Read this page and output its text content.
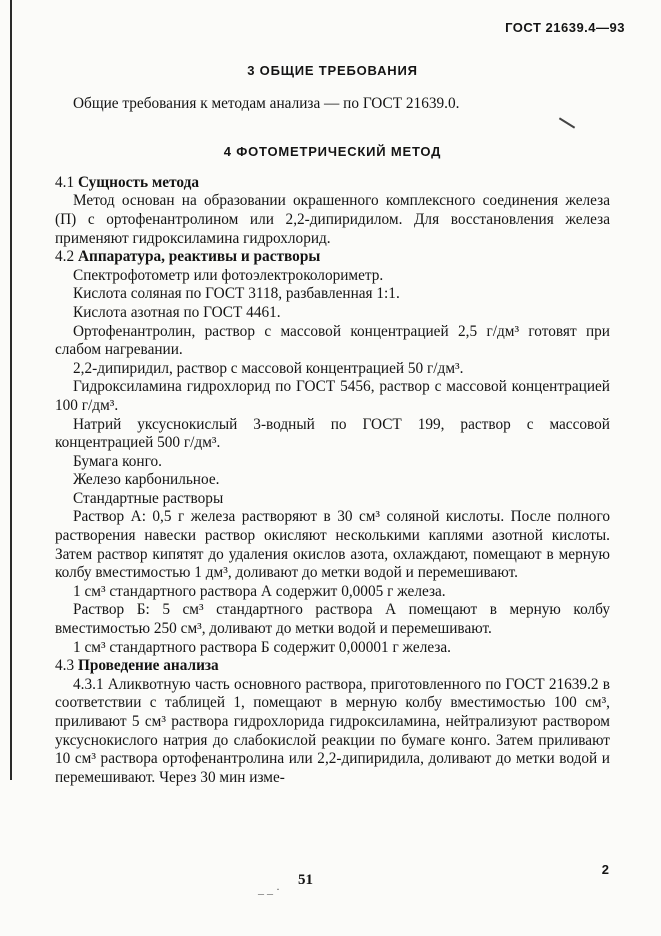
ГОСТ 21639.4—93

3 ОБЩИЕ ТРЕБОВАНИЯ

Общие требования к методам анализа — по ГОСТ 21639.0.

4 ФОТОМЕТРИЧЕСКИЙ МЕТОД

4.1 Сущность метода

Метод основан на образовании окрашенного комплексного соединения железа (П) с ортофенантролином или 2,2-дипиридилом. Для восстановления железа применяют гидроксиламина гидрохлорид.

4.2 Аппаратура, реактивы и растворы

Спектрофотометр или фотоэлектроколориметр.

Кислота соляная по ГОСТ 3118, разбавленная 1:1.

Кислота азотная по ГОСТ 4461.

Ортофенантролин, раствор с массовой концентрацией 2,5 г/дм³ готовят при слабом нагревании.

2,2-дипиридил, раствор с массовой концентрацией 50 г/дм³.

Гидроксиламина гидрохлорид по ГОСТ 5456, раствор с массовой концентрацией 100 г/дм³.

Натрий уксуснокислый 3-водный по ГОСТ 199, раствор с массовой концентрацией 500 г/дм³.

Бумага конго.

Железо карбонильное.

Стандартные растворы

Раствор А: 0,5 г железа растворяют в 30 см³ соляной кислоты. После полного растворения навески раствор окисляют несколькими каплями азотной кислоты. Затем раствор кипятят до удаления окислов азота, охлаждают, помещают в мерную колбу вместимостью 1 дм³, доливают до метки водой и перемешивают.

1 см³ стандартного раствора А содержит 0,0005 г железа.

Раствор Б: 5 см³ стандартного раствора А помещают в мерную колбу вместимостью 250 см³, доливают до метки водой и перемешивают.

1 см³ стандартного раствора Б содержит 0,00001 г железа.

4.3 Проведение анализа

4.3.1 Аликвотную часть основного раствора, приготовленного по ГОСТ 21639.2 в соответствии с таблицей 1, помещают в мерную колбу вместимостью 100 см³, приливают 5 см³ раствора гидрохлорида гидроксиламина, нейтрализуют раствором уксуснокислого натрия до слабокислой реакции по бумаге конго. Затем приливают 10 см³ раствора ортофенантролина или 2,2-дипиридила, доливают до метки водой и перемешивают. Через 30 мин изме-

_ _ ·
51
2
